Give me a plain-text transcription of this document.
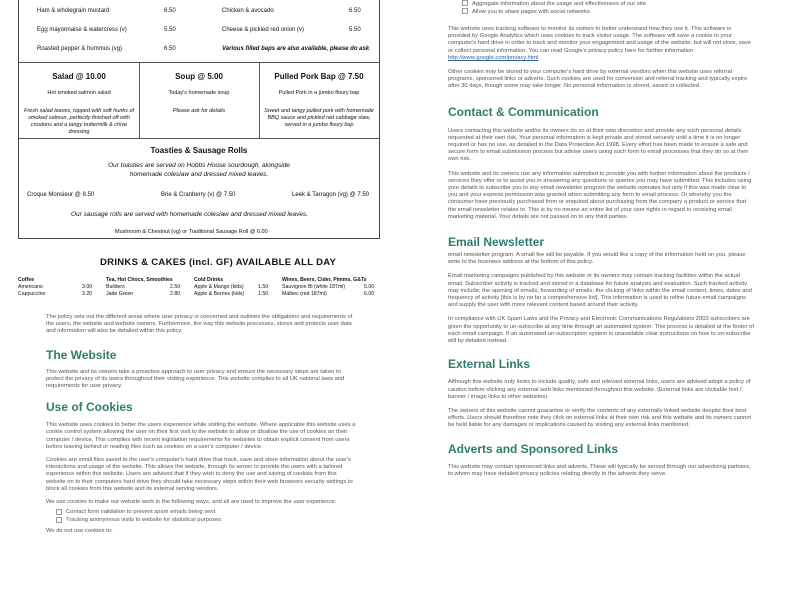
Ham & wholegrain mustard	6.50
Egg mayonnaise & watercress (v)	5.50
Roasted pepper & hummus (vg)	6.50
Chicken & avocado	6.50
Cheese & pickled red onion (v)	5.50
Various filled baps are also available, please do ask
Salad @ 10.00
Hot smoked salmon salad
Fresh salad leaves, topped with soft hunks of smoked salmon, perfectly finished off with croutons and a tangy buttermilk & chive dressing
Soup @ 5.00
Today's homemade soup
Please ask for details
Pulled Pork Bap @ 7.50
Pulled Pork in a jumbo floury bap
Sweet and tangy pulled pork with homemade BBQ sauce and pickled red cabbage slaw, served in a jumbo floury bap
Toasties & Sausage Rolls
Our toasties are served on Hobbs House sourdough, alongside homemade coleslaw and dressed mixed leaves.
Croque Monsieur @ 8.50	Brie & Cranberry (v) @ 7.50	Leek & Tarragon (vg) @ 7.50
Our sausage rolls are served with homemade coleslaw and dressed mixed leaves.
Mushroom & Chestnut (vg) or Traditional Sausage Roll @ 6.00
DRINKS & CAKES (incl. GF) AVAILABLE ALL DAY
Coffee
Americano	3.00
Cappuccino	3.20
Tea, Hot Chocs, Smoothies
Builders	2.50
Jade Green	2.80
Cold Drinks
Apple & Mango (kids)	1.50
Apple & Berries (kids)	1.50
Wines, Beers, Cider, Pimms, G&Ts
Sauvignon Bl (white 187ml)	5.00
Malbec (red 187ml)	6.00

The policy sets out the different areas where user privacy is concerned and outlines the obligations and requirements of the users, the website and website owners. Furthermore, the way this website processes, stores and protects user data and information will also be detailed within this policy.

The Website

This website and its owners take a proactive approach to user privacy and ensure the necessary steps are taken to protect the privacy of its users throughout their visiting experience. This website complies to all UK national laws and requirements for user privacy.

Use of Cookies

This website uses cookies to better the users experience while visiting the website. Where applicable this website uses a cookie control system allowing the user on their first visit to the website to allow or disallow the use of cookies on their computer / device. This complies with recent legislation requirements for websites to obtain explicit consent from users before leaving behind or reading files such as cookies on a user's computer / device.

Cookies are small files saved to the user's computer's hard drive that track, save and store information about the user's interactions and usage of the website. This allows the website, through its server to provide the users with a tailored experience within this website. Users are advised that if they wish to deny the use and saving of cookies from this website on to their computers hard drive they should take necessary steps within their web browsers security settings to block all cookies from this website and its external serving vendors.

We use cookies to make our website work in the following ways, and all are used to improve the user experience:

Contact form validation to prevent spam emails being sent
Tracking anonymous visits to website for statistical purposes

We do not use cookies to:

Aggregate information about the usage and effectiveness of our site
Allow you to share pages with social networks

This website uses tracking software to monitor its visitors to better understand how they use it. This software is provided by Google Analytics which uses cookies to track visitor usage. The software will save a cookie to your computer's hard drive in order to track and monitor your engagement and usage of the website, but will not store, save or collect personal information. You can read Google's privacy policy here for further information http://www.google.com/privacy.html

Other cookies may be stored to your computer's hard drive by external vendors when this website uses referral programs, sponsored links or adverts. Such cookies are used for conversion and referral tracking and typically expire after 30 days, though some may take longer. No personal information is stored, saved or collected.

Contact & Communication

Users contacting this website and/or its owners do so at their own discretion and provide any such personal details requested at their own risk. Your personal information is kept private and stored securely until a time it is no longer required or has no use, as detailed in the Data Protection Act 1998. Every effort has been made to ensure a safe and secure form to email submission process but advise users using such form to email processes that they do so at their own risk.

This website and its owners use any information submitted to provide you with further information about the products / services they offer or to assist you in answering any questions or queries you may have submitted. This includes using your details to subscribe you to any email newsletter program the website operates but only if this was made clear to you and your express permission was granted when submitting any form to email process. Or whereby you the consumer have previously purchased from or enquired about purchasing from the company a product or service that the email newsletter relates to. This is by no means an entire list of your user rights in regard to receiving email marketing material. Your details are not passed on to any third parties.

Email Newsletter

email newsletter program. A small fee will be payable. If you would like a copy of the information held on you, please write to the business address at the bottom of this policy.

Email marketing campaigns published by this website or its owners may contain tracking facilities within the actual email. Subscriber activity is tracked and stored in a database for future analysis and evaluation. Such tracked activity may include; the opening of emails, forwarding of emails, the clicking of links within the email content, times, dates and frequency of activity [this is by no far a comprehensive list]. This information is used to refine future email campaigns and supply the user with more relevant content based around their activity.

In compliance with UK Spam Laws and the Privacy and Electronic Communications Regulations 2003 subscribers are given the opportunity to un-subscribe at any time through an automated system. This process is detailed at the footer of each email campaign. If an automated un-subscription system is unavailable clear instructions on how to un-subscribe will by detailed instead.

External Links

Although this website only looks to include quality, safe and relevant external links, users are advised adopt a policy of caution before clicking any external web links mentioned throughout this website. (External links are clickable text / banner / image links to other websites)

The owners of this website cannot guarantee or verify the contents of any externally linked website despite their best efforts. Users should therefore note they click on external links at their own risk and this website and its owners cannot be held liable for any damages or implications caused by visiting any external links mentioned.

Adverts and Sponsored Links

This website may contain sponsored links and adverts. These will typically be served through our advertising partners, to whom may have detailed privacy policies relating directly to the adverts they serve.
